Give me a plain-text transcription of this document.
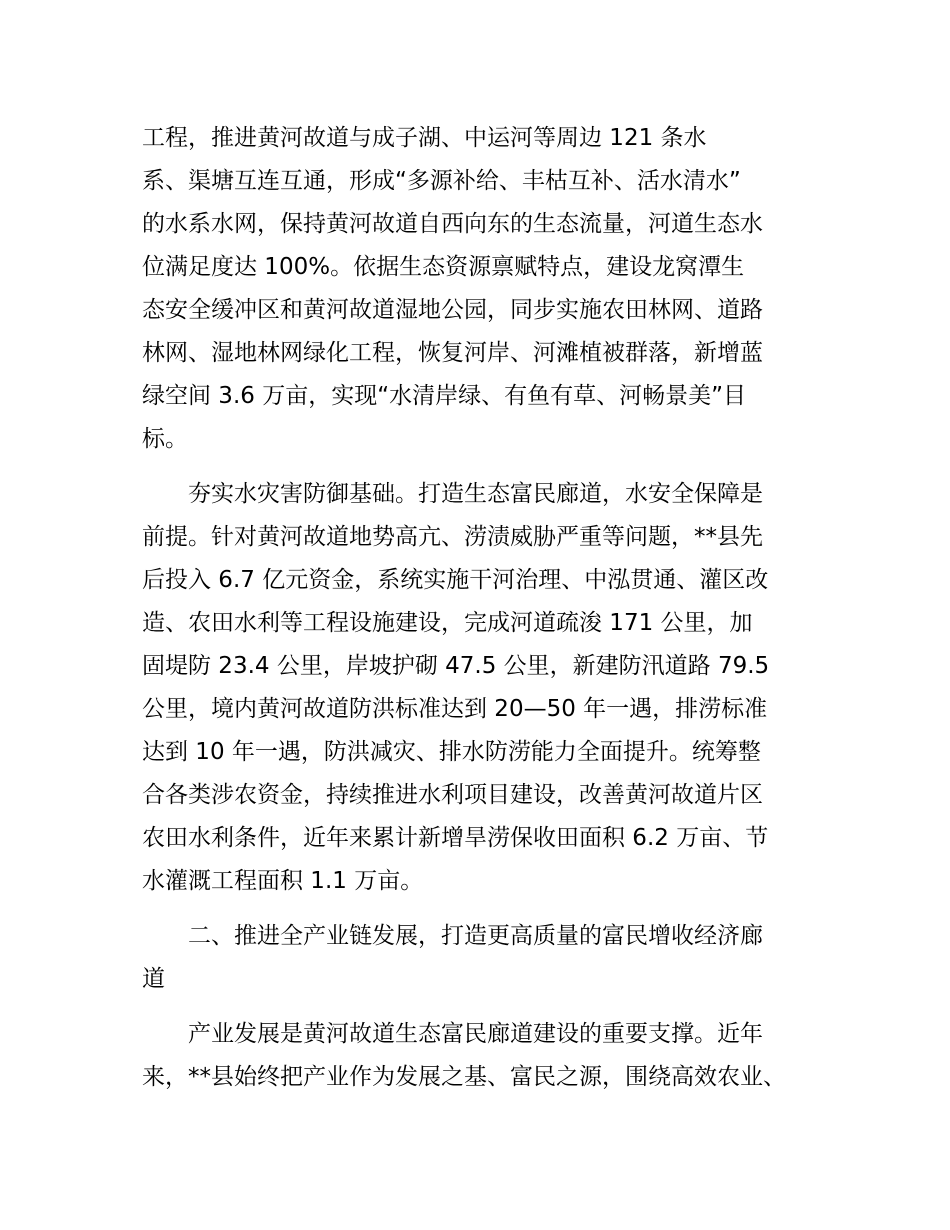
工程，推进黄河故道与成子湖、中运河等周边 121 条水
系、渠塘互连互通，形成“多源补给、丰枯互补、活水清水”
的水系水网，保持黄河故道自西向东的生态流量，河道生态水
位满足度达 100%。依据生态资源禀赋特点，建设龙窝潭生
态安全缓冲区和黄河故道湿地公园，同步实施农田林网、道路
林网、湿地林网绿化工程，恢复河岸、河滩植被群落，新增蓝
绿空间 3.6 万亩，实现“水清岸绿、有鱼有草、河畅景美”目
标。
夯实水灾害防御基础。打造生态富民廊道，水安全保障是
前提。针对黄河故道地势高亢、涝渍威胁严重等问题，**县先
后投入 6.7 亿元资金，系统实施干河治理、中泓贯通、灌区改
造、农田水利等工程设施建设，完成河道疏浚 171 公里，加
固堤防 23.4 公里，岸坡护砌 47.5 公里，新建防汛道路 79.5
公里，境内黄河故道防洪标准达到 20—50 年一遇，排涝标准
达到 10 年一遇，防洪减灾、排水防涝能力全面提升。统筹整
合各类涉农资金，持续推进水利项目建设，改善黄河故道片区
农田水利条件，近年来累计新增旱涝保收田面积 6.2 万亩、节
水灌溉工程面积 1.1 万亩。
二、推进全产业链发展，打造更高质量的富民增收经济廊
道
产业发展是黄河故道生态富民廊道建设的重要支撑。近年
来，**县始终把产业作为发展之基、富民之源，围绕高效农业、
